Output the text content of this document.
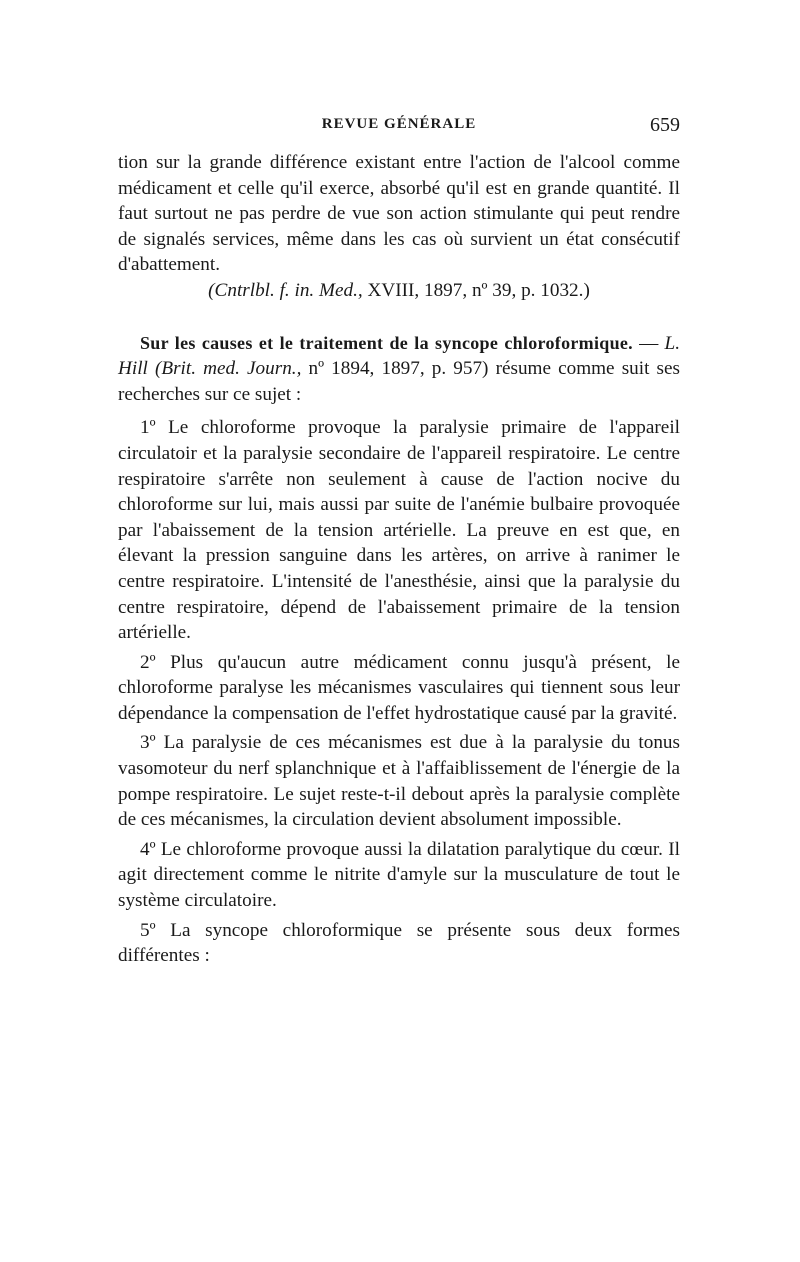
REVUE GÉNÉRALE	659

tion sur la grande différence existant entre l'action de l'alcool comme médicament et celle qu'il exerce, absorbé qu'il est en grande quantité. Il faut surtout ne pas perdre de vue son action stimulante qui peut rendre de signalés services, même dans les cas où survient un état consécutif d'abattement.

(Cntrlbl. f. in. Med., XVIII, 1897, nº 39, p. 1032.)

Sur les causes et le traitement de la syncope chloroformique. — L. Hill (Brit. med. Journ., nº 1894, 1897, p. 957) résume comme suit ses recherches sur ce sujet :

1º Le chloroforme provoque la paralysie primaire de l'appareil circulatoir et la paralysie secondaire de l'appareil respiratoire. Le centre respiratoire s'arrête non seulement à cause de l'action nocive du chloroforme sur lui, mais aussi par suite de l'anémie bulbaire provoquée par l'abaissement de la tension artérielle. La preuve en est que, en élevant la pression sanguine dans les artères, on arrive à ranimer le centre respiratoire. L'intensité de l'anesthésie, ainsi que la paralysie du centre respiratoire, dépend de l'abaissement primaire de la tension artérielle.

2º Plus qu'aucun autre médicament connu jusqu'à présent, le chloroforme paralyse les mécanismes vasculaires qui tiennent sous leur dépendance la compensation de l'effet hydrostatique causé par la gravité.

3º La paralysie de ces mécanismes est due à la paralysie du tonus vasomoteur du nerf splanchnique et à l'affaiblissement de l'énergie de la pompe respiratoire. Le sujet reste-t-il debout après la paralysie complète de ces mécanismes, la circulation devient absolument impossible.

4º Le chloroforme provoque aussi la dilatation paralytique du cœur. Il agit directement comme le nitrite d'amyle sur la musculature de tout le système circulatoire.

5º La syncope chloroformique se présente sous deux formes différentes :
